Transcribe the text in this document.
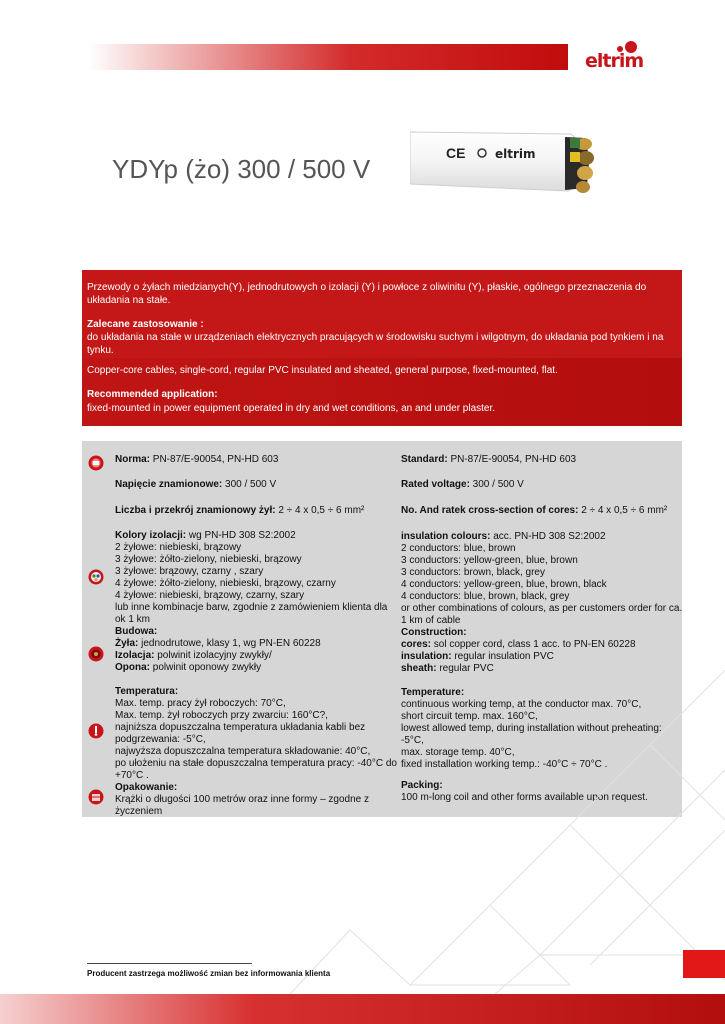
eltrim
YDYp (żo) 300 / 500 V
CE eltrim

Przewody o żyłach miedzianych(Y), jednodrutowych o izolacji (Y) i powłoce z oliwinitu (Y), płaskie, ogólnego przeznaczenia do układania na stałe.

Zalecane zastosowanie :

do układania na stałe w urządzeniach elektrycznych pracujących w środowisku suchym i wilgotnym, do układania pod tynkiem i na tynku.

Copper-core cables, single-cord, regular PVC insulated and sheated, general purpose, fixed-mounted, flat.

Recommended application:

fixed-mounted in power equipment operated in dry and wet conditions, an and under plaster.

Norma: PN-87/E-90054, PN-HD 603
Napięcie znamionowe: 300 / 500 V
Liczba i przekrój znamionowy żył: 2 ÷ 4 x 0,5 ÷ 6 mm²
Kolory izolacji: wg PN-HD 308 S2:2002
2 żyłowe: niebieski, brązowy
3 żyłowe: żółto-zielony, niebieski, brązowy
3 żyłowe: brązowy, czarny , szary
4 żyłowe: żółto-zielony, niebieski, brązowy, czarny
4 żyłowe: niebieski, brązowy, czarny, szary
lub inne kombinacje barw, zgodnie z zamówieniem klienta dla
ok 1 km
Budowa:
Żyła: jednodrutowe, klasy 1, wg PN-EN 60228
Izolacja: polwinit izolacyjny zwykły/
Opona: polwinit oponowy zwykły
Temperatura:
Max. temp. pracy żył roboczych: 70°C,
Max. temp. żył roboczych przy zwarciu: 160°C?,
najniższa dopuszczalna temperatura układania kabli bez
podgrzewania: -5°C,
najwyższa dopuszczalna temperatura składowanie: 40°C,
po ułożeniu na stałe dopuszczalna temperatura pracy: -40°C do
+70°C .
Opakowanie:
Krążki o długości 100 metrów oraz inne formy – zgodne z
życzeniem
Standard: PN-87/E-90054, PN-HD 603
Rated voltage: 300 / 500 V
No. And ratek cross-section of cores: 2 ÷ 4 x 0,5 ÷ 6 mm²
insulation colours: acc. PN-HD 308 S2:2002
2 conductors: blue, brown
3 conductors: yellow-green, blue, brown
3 conductors: brown, black, grey
4 conductors: yellow-green, blue, brown, black
4 conductors: blue, brown, black, grey
or other combinations of colours, as per customers order for ca.
1 km of cable
Construction:
cores: sol copper cord, class 1 acc. to PN-EN 60228
insulation: regular insulation PVC
sheath: regular PVC
Temperature:
continuous working temp, at the conductor max. 70°C,
short circuit temp. max. 160°C,
lowest allowed temp, during installation without preheating:
-5°C,
max. storage temp. 40°C,
fixed installation working temp.: -40°C ÷ 70°C .
Packing:
100 m-long coil and other forms available upon request.
Producent zastrzega możliwość zmian bez informowania klienta
